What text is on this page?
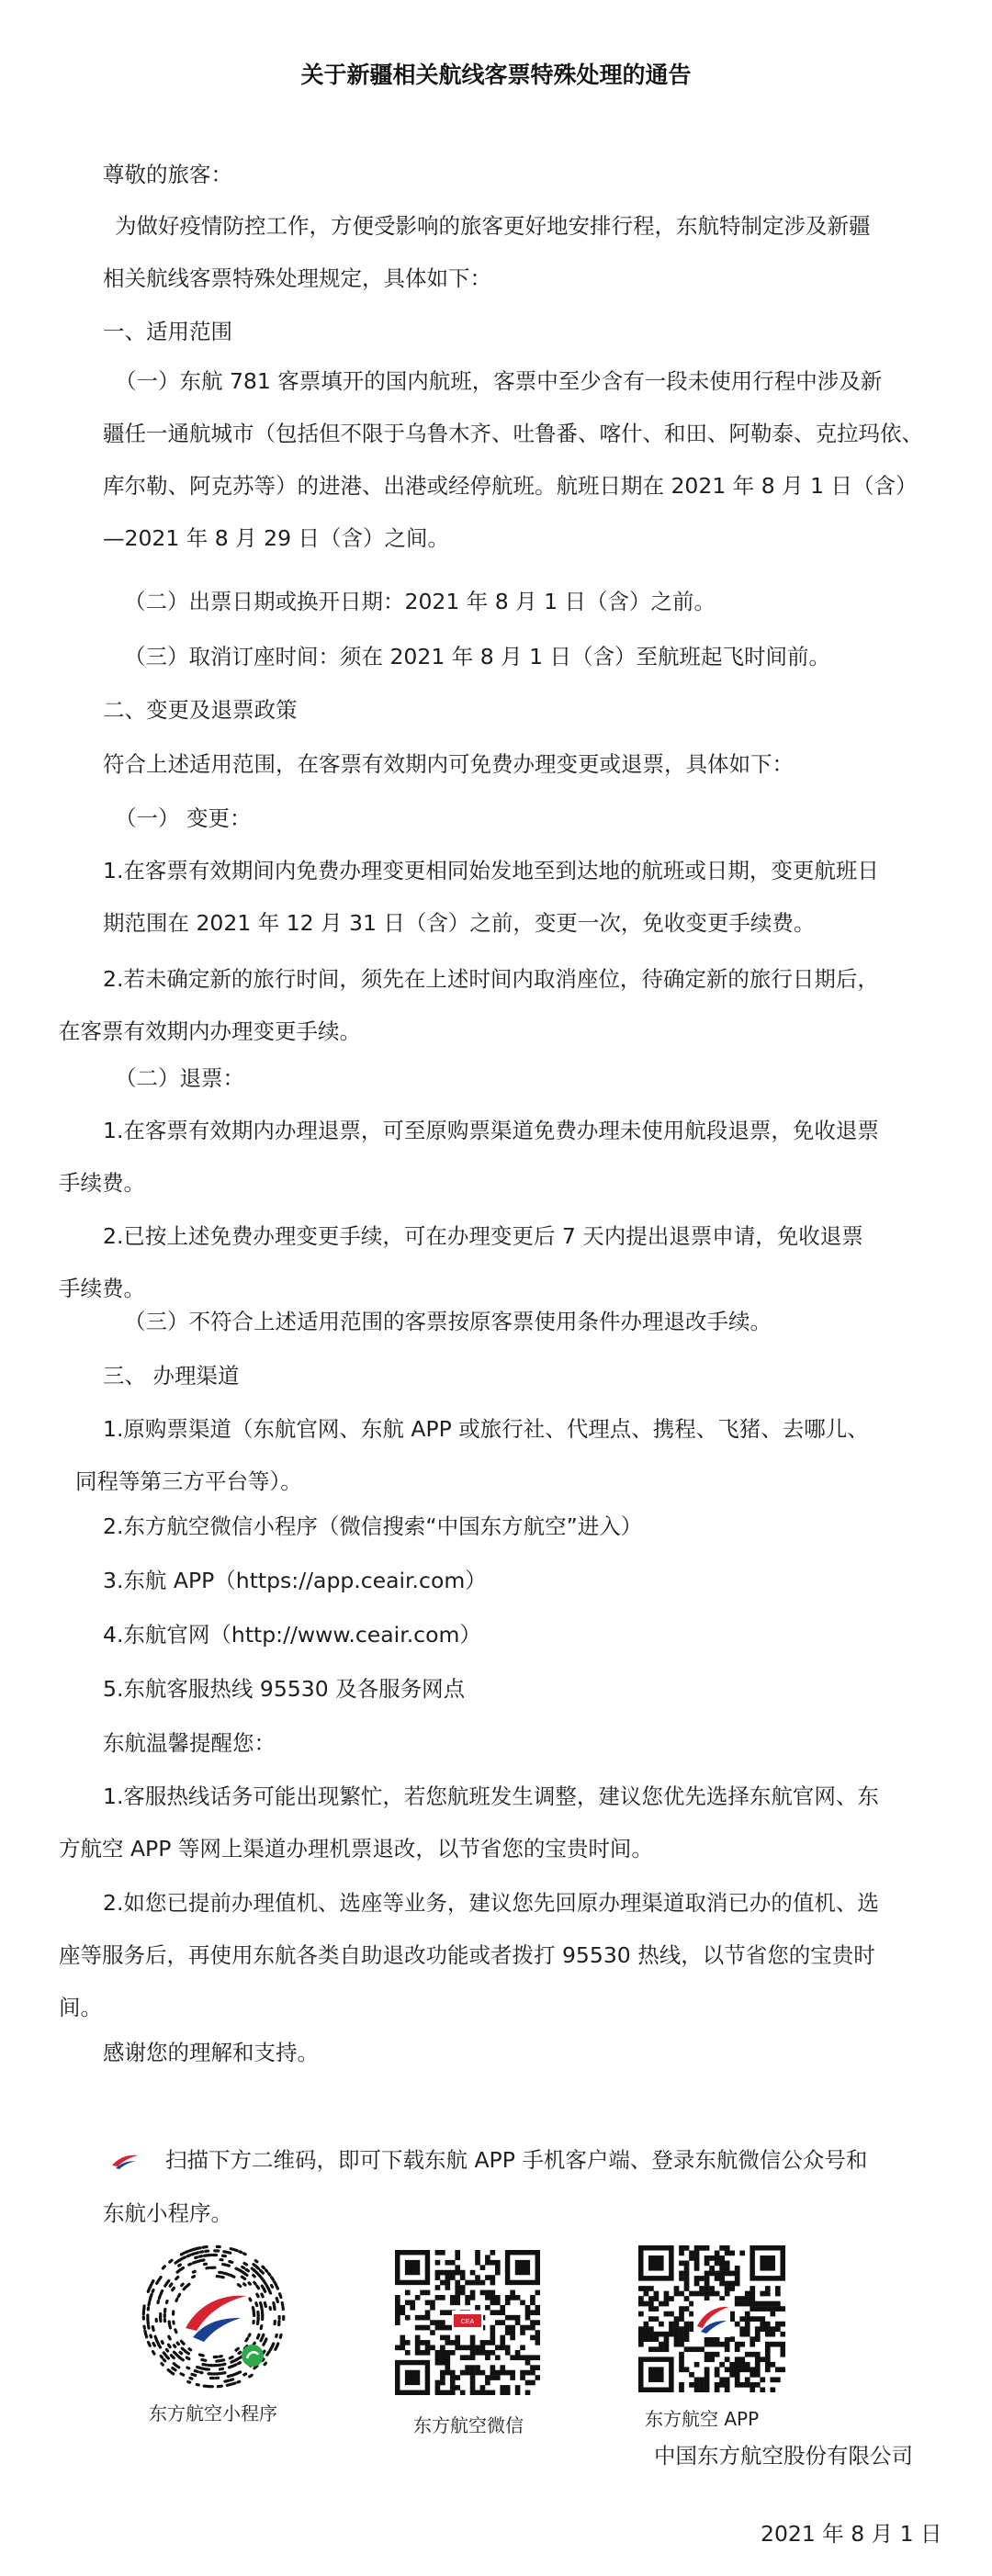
关于新疆相关航线客票特殊处理的通告
尊敬的旅客：
为做好疫情防控工作，方便受影响的旅客更好地安排行程，东航特制定涉及新疆
相关航线客票特殊处理规定，具体如下：
一、适用范围
（一）东航 781 客票填开的国内航班，客票中至少含有一段未使用行程中涉及新
疆任一通航城市（包括但不限于乌鲁木齐、吐鲁番、喀什、和田、阿勒泰、克拉玛依、
库尔勒、阿克苏等）的进港、出港或经停航班。航班日期在 2021 年 8 月 1 日（含）
—2021 年 8 月 29 日（含）之间。
（二）出票日期或换开日期：2021 年 8 月 1 日（含）之前。
（三）取消订座时间：须在 2021 年 8 月 1 日（含）至航班起飞时间前。
二、变更及退票政策
符合上述适用范围，在客票有效期内可免费办理变更或退票，具体如下：
（一） 变更：
1.在客票有效期间内免费办理变更相同始发地至到达地的航班或日期，变更航班日
期范围在 2021 年 12 月 31 日（含）之前，变更一次，免收变更手续费。
2.若未确定新的旅行时间，须先在上述时间内取消座位，待确定新的旅行日期后，
在客票有效期内办理变更手续。
（二）退票：
1.在客票有效期内办理退票，可至原购票渠道免费办理未使用航段退票，免收退票
手续费。
2.已按上述免费办理变更手续，可在办理变更后 7 天内提出退票申请，免收退票
手续费。
（三）不符合上述适用范围的客票按原客票使用条件办理退改手续。
三、 办理渠道
1.原购票渠道（东航官网、东航 APP 或旅行社、代理点、携程、飞猪、去哪儿、
同程等第三方平台等）。
2.东方航空微信小程序（微信搜索“中国东方航空”进入）
3.东航 APP（https://app.ceair.com）
4.东航官网（http://www.ceair.com）
5.东航客服热线 95530 及各服务网点
东航温馨提醒您：
1.客服热线话务可能出现繁忙，若您航班发生调整，建议您优先选择东航官网、东
方航空 APP 等网上渠道办理机票退改，以节省您的宝贵时间。
2.如您已提前办理值机、选座等业务，建议您先回原办理渠道取消已办的值机、选
座等服务后，再使用东航各类自助退改功能或者拨打 95530 热线，以节省您的宝贵时
间。
感谢您的理解和支持。
扫描下方二维码，即可下载东航 APP 手机客户端、登录东航微信公众号和
东航小程序。
东方航空小程序
CEA
东方航空微信	东方航空 APP
中国东方航空股份有限公司
2021 年 8 月 1 日
